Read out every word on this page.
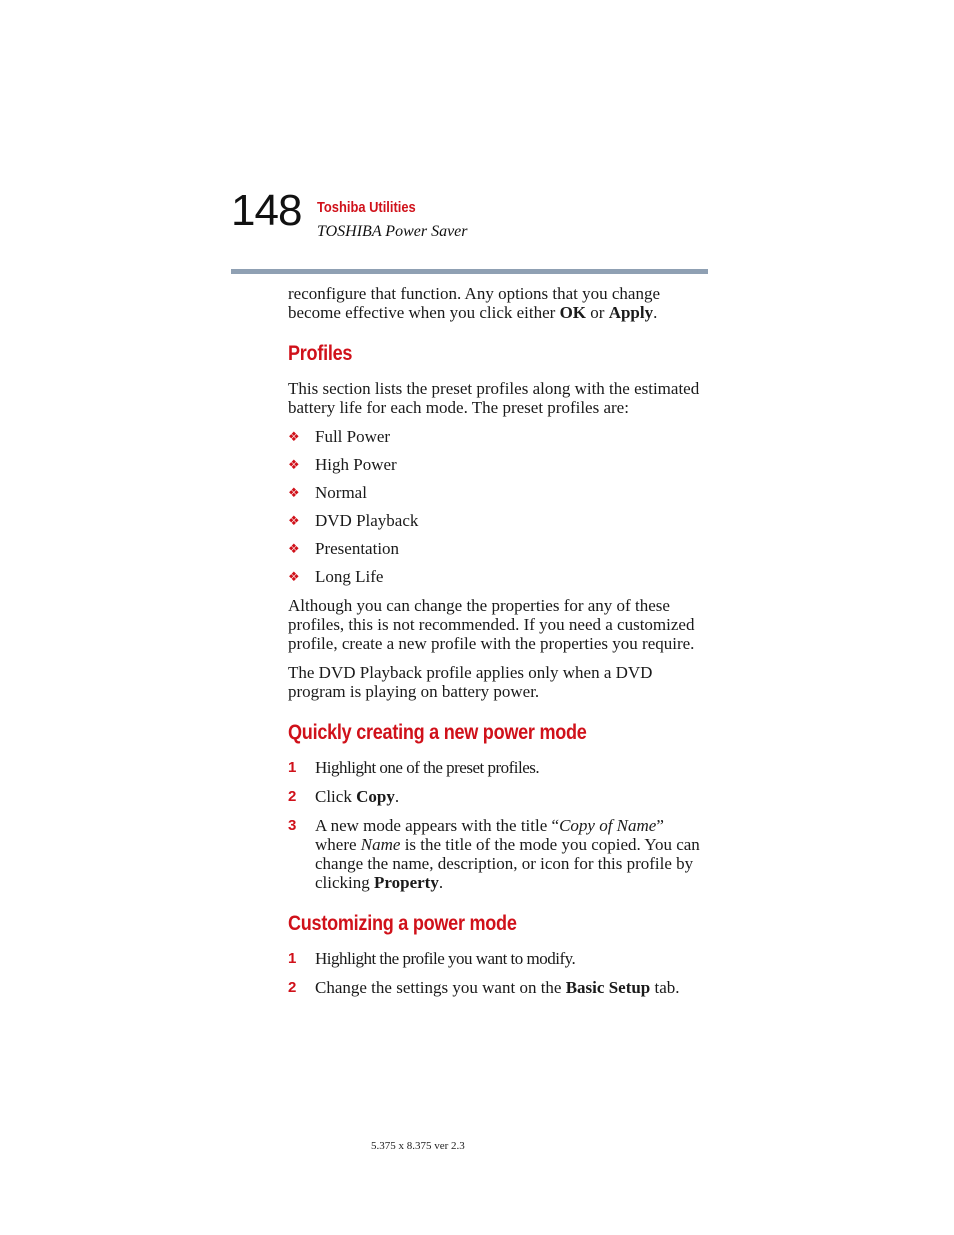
148 Toshiba Utilities
TOSHIBA Power Saver

reconfigure that function. Any options that you change become effective when you click either OK or Apply.

Profiles

This section lists the preset profiles along with the estimated battery life for each mode. The preset profiles are:

❖ Full Power
❖ High Power
❖ Normal
❖ DVD Playback
❖ Presentation
❖ Long Life

Although you can change the properties for any of these profiles, this is not recommended. If you need a customized profile, create a new profile with the properties you require.

The DVD Playback profile applies only when a DVD program is playing on battery power.

Quickly creating a new power mode
1 Highlight one of the preset profiles.
2 Click Copy.
3 A new mode appears with the title “Copy of Name” where Name is the title of the mode you copied. You can change the name, description, or icon for this profile by clicking Property.
Customizing a power mode
1 Highlight the profile you want to modify.
2 Change the settings you want on the Basic Setup tab.
5.375 x 8.375 ver 2.3
